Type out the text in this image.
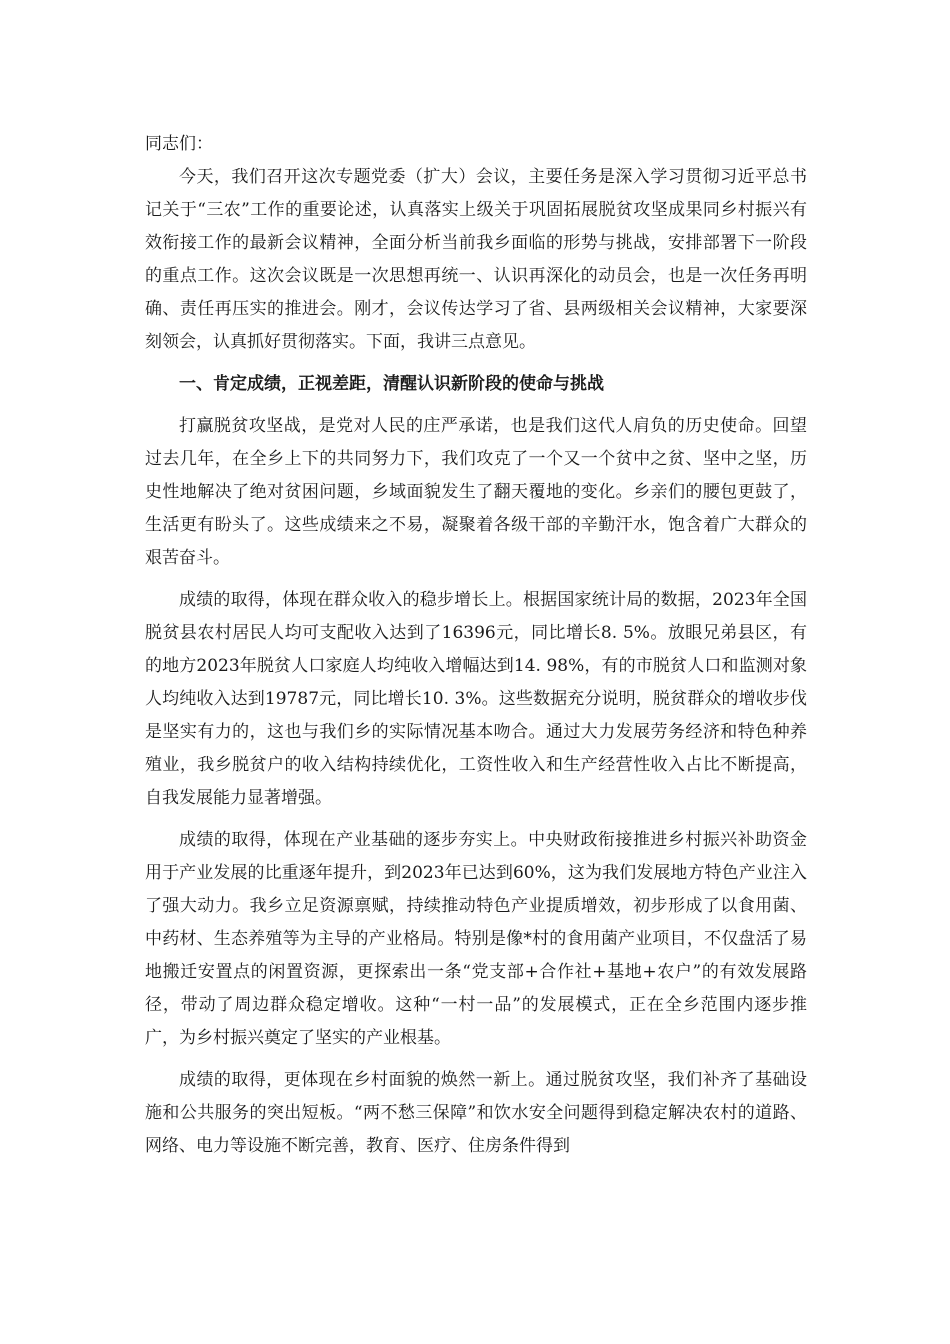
同志们：

今天，我们召开这次专题党委（扩大）会议，主要任务是深入学习贯彻习近平总书记关于“三农”工作的重要论述，认真落实上级关于巩固拓展脱贫攻坚成果同乡村振兴有效衔接工作的最新会议精神，全面分析当前我乡面临的形势与挑战，安排部署下一阶段的重点工作。这次会议既是一次思想再统一、认识再深化的动员会，也是一次任务再明确、责任再压实的推进会。刚才，会议传达学习了省、县两级相关会议精神，大家要深刻领会，认真抓好贯彻落实。下面，我讲三点意见。

一、肯定成绩，正视差距，清醒认识新阶段的使命与挑战

打赢脱贫攻坚战，是党对人民的庄严承诺，也是我们这代人肩负的历史使命。回望过去几年，在全乡上下的共同努力下，我们攻克了一个又一个贫中之贫、坚中之坚，历史性地解决了绝对贫困问题，乡域面貌发生了翻天覆地的变化。乡亲们的腰包更鼓了，生活更有盼头了。这些成绩来之不易，凝聚着各级干部的辛勤汗水，饱含着广大群众的艰苦奋斗。

成绩的取得，体现在群众收入的稳步增长上。根据国家统计局的数据，2023年全国脱贫县农村居民人均可支配收入达到了16396元，同比增长8. 5%。放眼兄弟县区，有的地方2023年脱贫人口家庭人均纯收入增幅达到14. 98%，有的市脱贫人口和监测对象人均纯收入达到19787元，同比增长10. 3%。这些数据充分说明，脱贫群众的增收步伐是坚实有力的，这也与我们乡的实际情况基本吻合。通过大力发展劳务经济和特色种养殖业，我乡脱贫户的收入结构持续优化，工资性收入和生产经营性收入占比不断提高，自我发展能力显著增强。

成绩的取得，体现在产业基础的逐步夯实上。中央财政衔接推进乡村振兴补助资金用于产业发展的比重逐年提升，到2023年已达到60%，这为我们发展地方特色产业注入了强大动力。我乡立足资源禀赋，持续推动特色产业提质增效，初步形成了以食用菌、中药材、生态养殖等为主导的产业格局。特别是像*村的食用菌产业项目，不仅盘活了易地搬迁安置点的闲置资源，更探索出一条“党支部+合作社+基地+农户”的有效发展路径，带动了周边群众稳定增收。这种“一村一品”的发展模式，正在全乡范围内逐步推广，为乡村振兴奠定了坚实的产业根基。

成绩的取得，更体现在乡村面貌的焕然一新上。通过脱贫攻坚，我们补齐了基础设施和公共服务的突出短板。“两不愁三保障”和饮水安全问题得到稳定解决农村的道路、网络、电力等设施不断完善，教育、医疗、住房条件得到
